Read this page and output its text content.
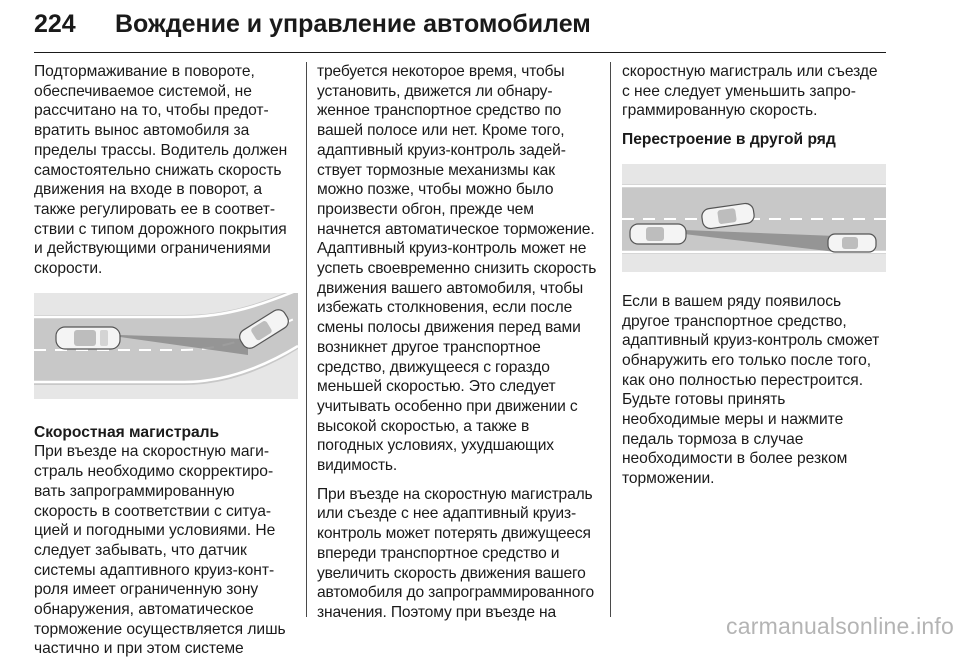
224 Вождение и управление автомобилем

Подтормаживание в повороте, обеспечиваемое системой, не рассчитано на то, чтобы предотвратить вынос автомобиля за пределы трассы. Водитель должен самостоятельно снижать скорость движения на входе в поворот, а также регулировать ее в соответствии с типом дорожного покрытия и действующими ограничениями скорости.

Скоростная магистраль

При въезде на скоростную магистраль необходимо скорректировать запрограммированную скорость в соответствии с ситуацией и погодными условиями. Не следует забывать, что датчик системы адаптивного круиз-контроля имеет ограниченную зону обнаружения, автоматическое торможение осуществляется лишь частично и при этом системе

требуется некоторое время, чтобы установить, движется ли обнаруженное транспортное средство по вашей полосе или нет. Кроме того, адаптивный круиз-контроль задействует тормозные механизмы как можно позже, чтобы можно было произвести обгон, прежде чем начнется автоматическое торможение. Адаптивный круиз-контроль может не успеть своевременно снизить скорость движения вашего автомобиля, чтобы избежать столкновения, если после смены полосы движения перед вами возникнет другое транспортное средство, движущееся с гораздо меньшей скоростью. Это следует учитывать особенно при движении с высокой скоростью, а также в погодных условиях, ухудшающих видимость.

При въезде на скоростную магистраль или съезде с нее адаптивный круиз-контроль может потерять движущееся впереди транспортное средство и увеличить скорость движения вашего автомобиля до запрограммированного значения. Поэтому при въезде на

скоростную магистраль или съезде с нее следует уменьшить запрограммированную скорость.

Перестроение в другой ряд

Если в вашем ряду появилось другое транспортное средство, адаптивный круиз-контроль сможет обнаружить его только после того, как оно полностью перестроится. Будьте готовы принять необходимые меры и нажмите педаль тормоза в случае необходимости в более резком торможении.

carmanualsonline.info
